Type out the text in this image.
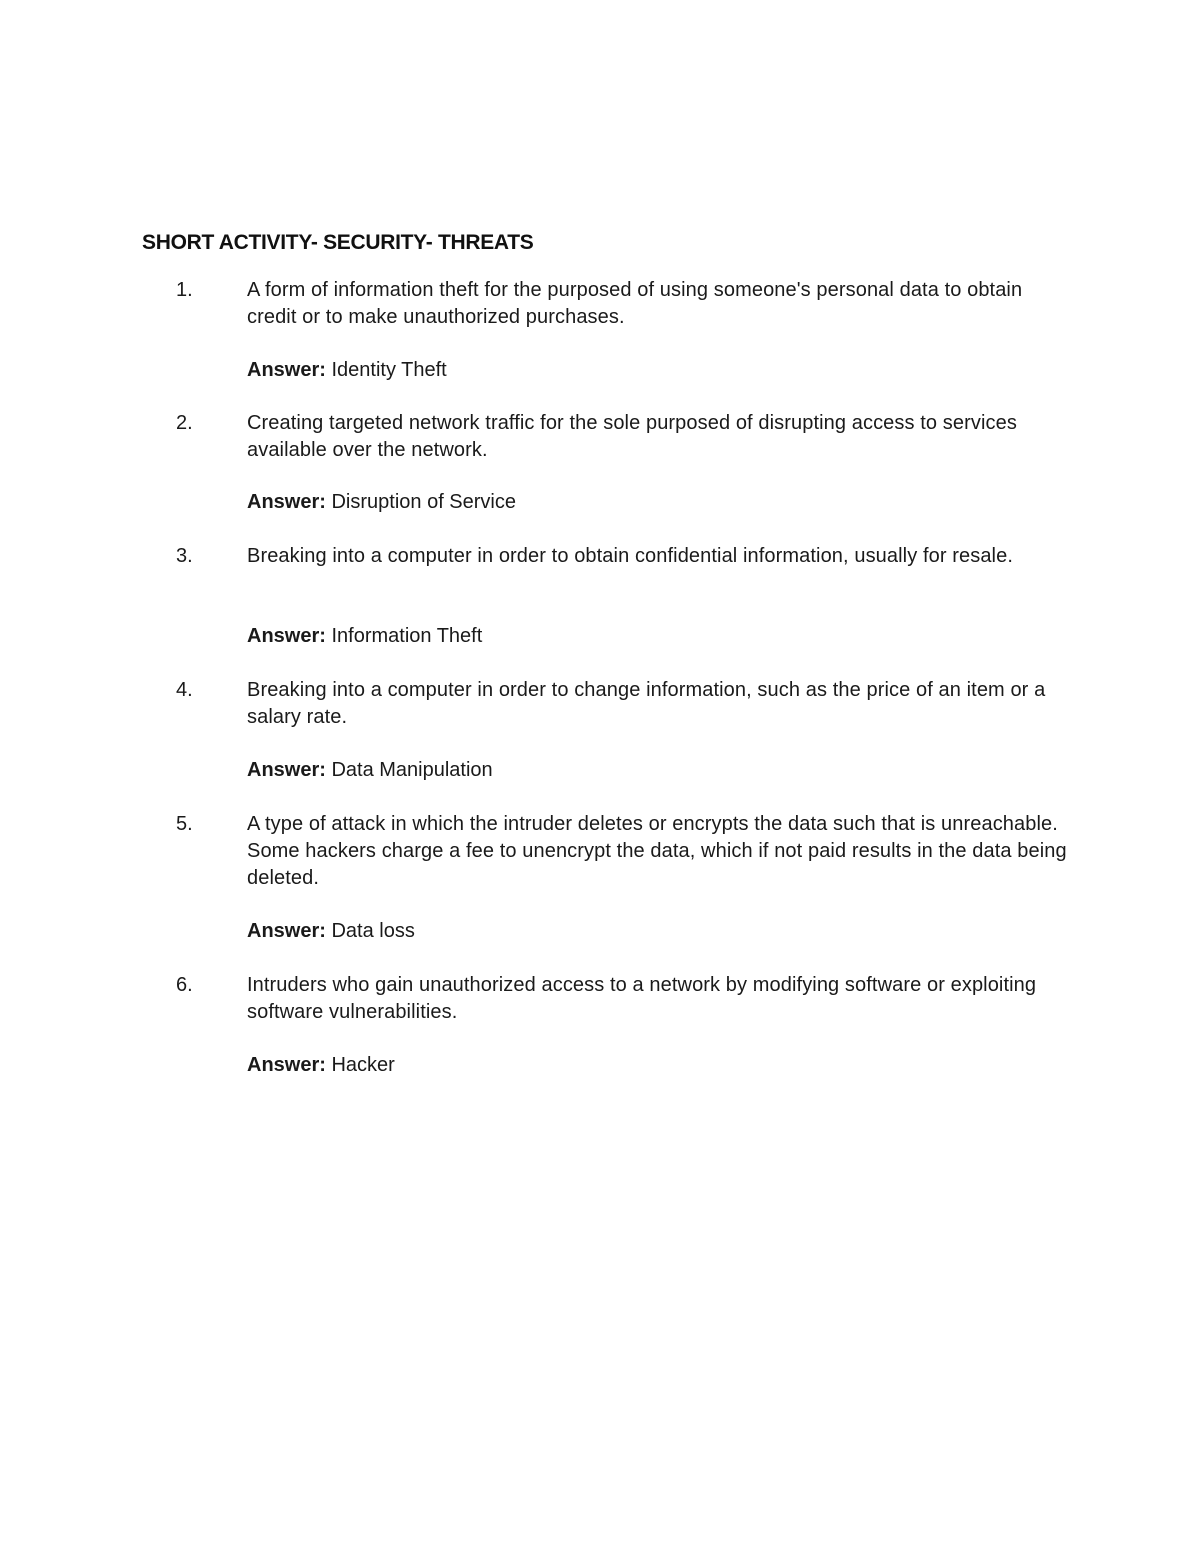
SHORT ACTIVITY- SECURITY- THREATS
1.	A form of information theft for the purposed of using someone's personal data to obtain credit or to make unauthorized purchases.
Answer: Identity Theft
2.	Creating targeted network traffic for the sole purposed of disrupting access to services available over the network.
Answer: Disruption of Service
3.	Breaking into a computer in order to obtain confidential information, usually for resale.
Answer: Information Theft
4.	Breaking into a computer in order to change information, such as the price of an item or a salary rate.
Answer: Data Manipulation
5.	A type of attack in which the intruder deletes or encrypts the data such that is unreachable. Some hackers charge a fee to unencrypt the data, which if not paid results in the data being deleted.
Answer: Data loss
6.	Intruders who gain unauthorized access to a network by modifying software or exploiting software vulnerabilities.
Answer: Hacker
